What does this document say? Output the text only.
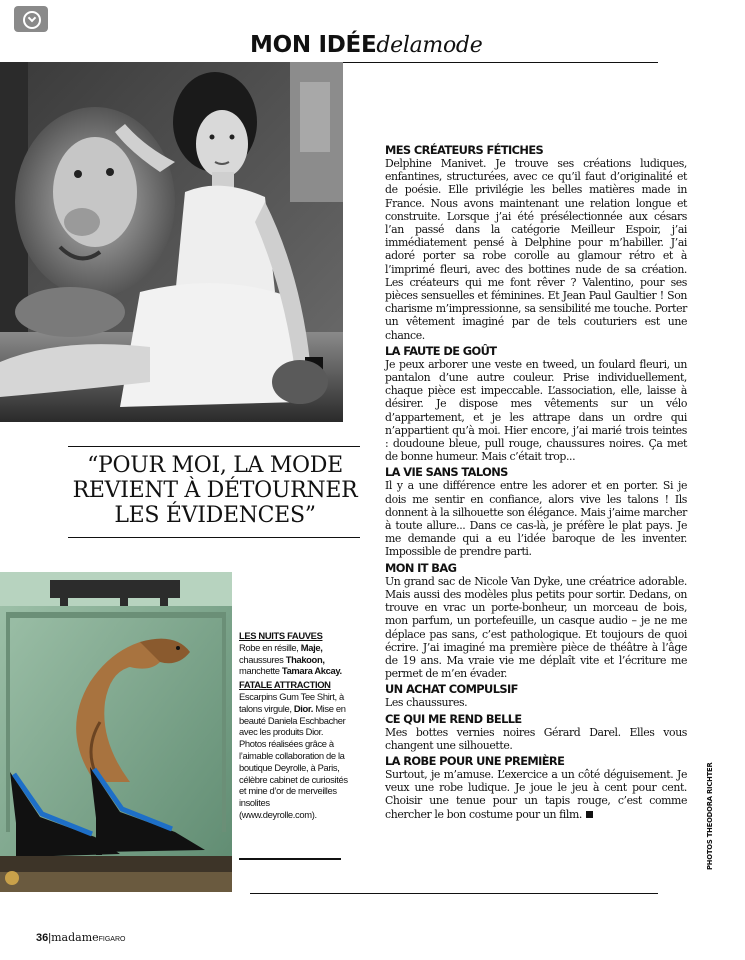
MON IDÉEdelamode
“POUR MOI, LA MODE
REVIENT À DÉTOURNER
LES ÉVIDENCES”

LES NUITS FAUVES

Robe en résille, Maje, chaussures Thakoon, manchette Tamara Akcay.

FATALE ATTRACTION

Escarpins Gum Tee Shirt, à talons virgule, Dior. Mise en beauté Daniela Eschbacher avec les produits Dior. Photos réalisées grâce à l’aimable collaboration de la boutique Deyrolle, à Paris, célèbre cabinet de curiosités et mine d’or de merveilles insolites (www.deyrolle.com).

MES CRÉATEURS FÉTICHES

Delphine Manivet. Je trouve ses créations ludiques, enfantines, structurées, avec ce qu’il faut d’originalité et de poésie. Elle privilégie les belles matières made in France. Nous avons maintenant une relation longue et construite. Lorsque j’ai été présélectionnée aux césars l’an passé dans la catégorie Meilleur Espoir, j’ai immédiatement pensé à Delphine pour m’habiller. J’ai adoré porter sa robe corolle au glamour rétro et à l’imprimé fleuri, avec des bottines nude de sa création. Les créateurs qui me font rêver ? Valentino, pour ses pièces sensuelles et féminines. Et Jean Paul Gaultier ! Son charisme m’impressionne, sa sensibilité me touche. Porter un vêtement imaginé par de tels couturiers est une chance.

LA FAUTE DE GOÛT

Je peux arborer une veste en tweed, un foulard fleuri, un pantalon d’une autre couleur. Prise individuellement, chaque pièce est impeccable. L’association, elle, laisse à désirer. Je dispose mes vêtements sur un vélo d’appartement, et je les attrape dans un ordre qui n’appartient qu’à moi. Hier encore, j’ai marié trois teintes : doudoune bleue, pull rouge, chaussures noires. Ça met de bonne humeur. Mais c’était trop...

LA VIE SANS TALONS

Il y a une différence entre les adorer et en porter. Si je dois me sentir en confiance, alors vive les talons ! Ils donnent à la silhouette son élégance. Mais j’aime marcher à toute allure... Dans ce cas-là, je préfère le plat pays. Je me demande qui a eu l’idée baroque de les inventer. Impossible de prendre parti.

MON IT BAG

Un grand sac de Nicole Van Dyke, une créatrice adorable. Mais aussi des modèles plus petits pour sortir. Dedans, on trouve en vrac un porte-bonheur, un morceau de bois, mon parfum, un portefeuille, un casque audio – je ne me déplace pas sans, c’est pathologique. Et toujours de quoi écrire. J’ai imaginé ma première pièce de théâtre à l’âge de 19 ans. Ma vraie vie me déplaît vite et l’écriture me permet de m’en évader.

UN ACHAT COMPULSIF

Les chaussures.

CE QUI ME REND BELLE

Mes bottes vernies noires Gérard Darel. Elles vous changent une silhouette.

LA ROBE POUR UNE PREMIÈRE

Surtout, je m’amuse. L’exercice a un côté déguisement. Je veux une robe ludique. Je joue le jeu à cent pour cent. Choisir une tenue pour un tapis rouge, c’est comme chercher le bon costume pour un film.	PHOTOS THEODORA RICHTER
36|madameFIGARO
